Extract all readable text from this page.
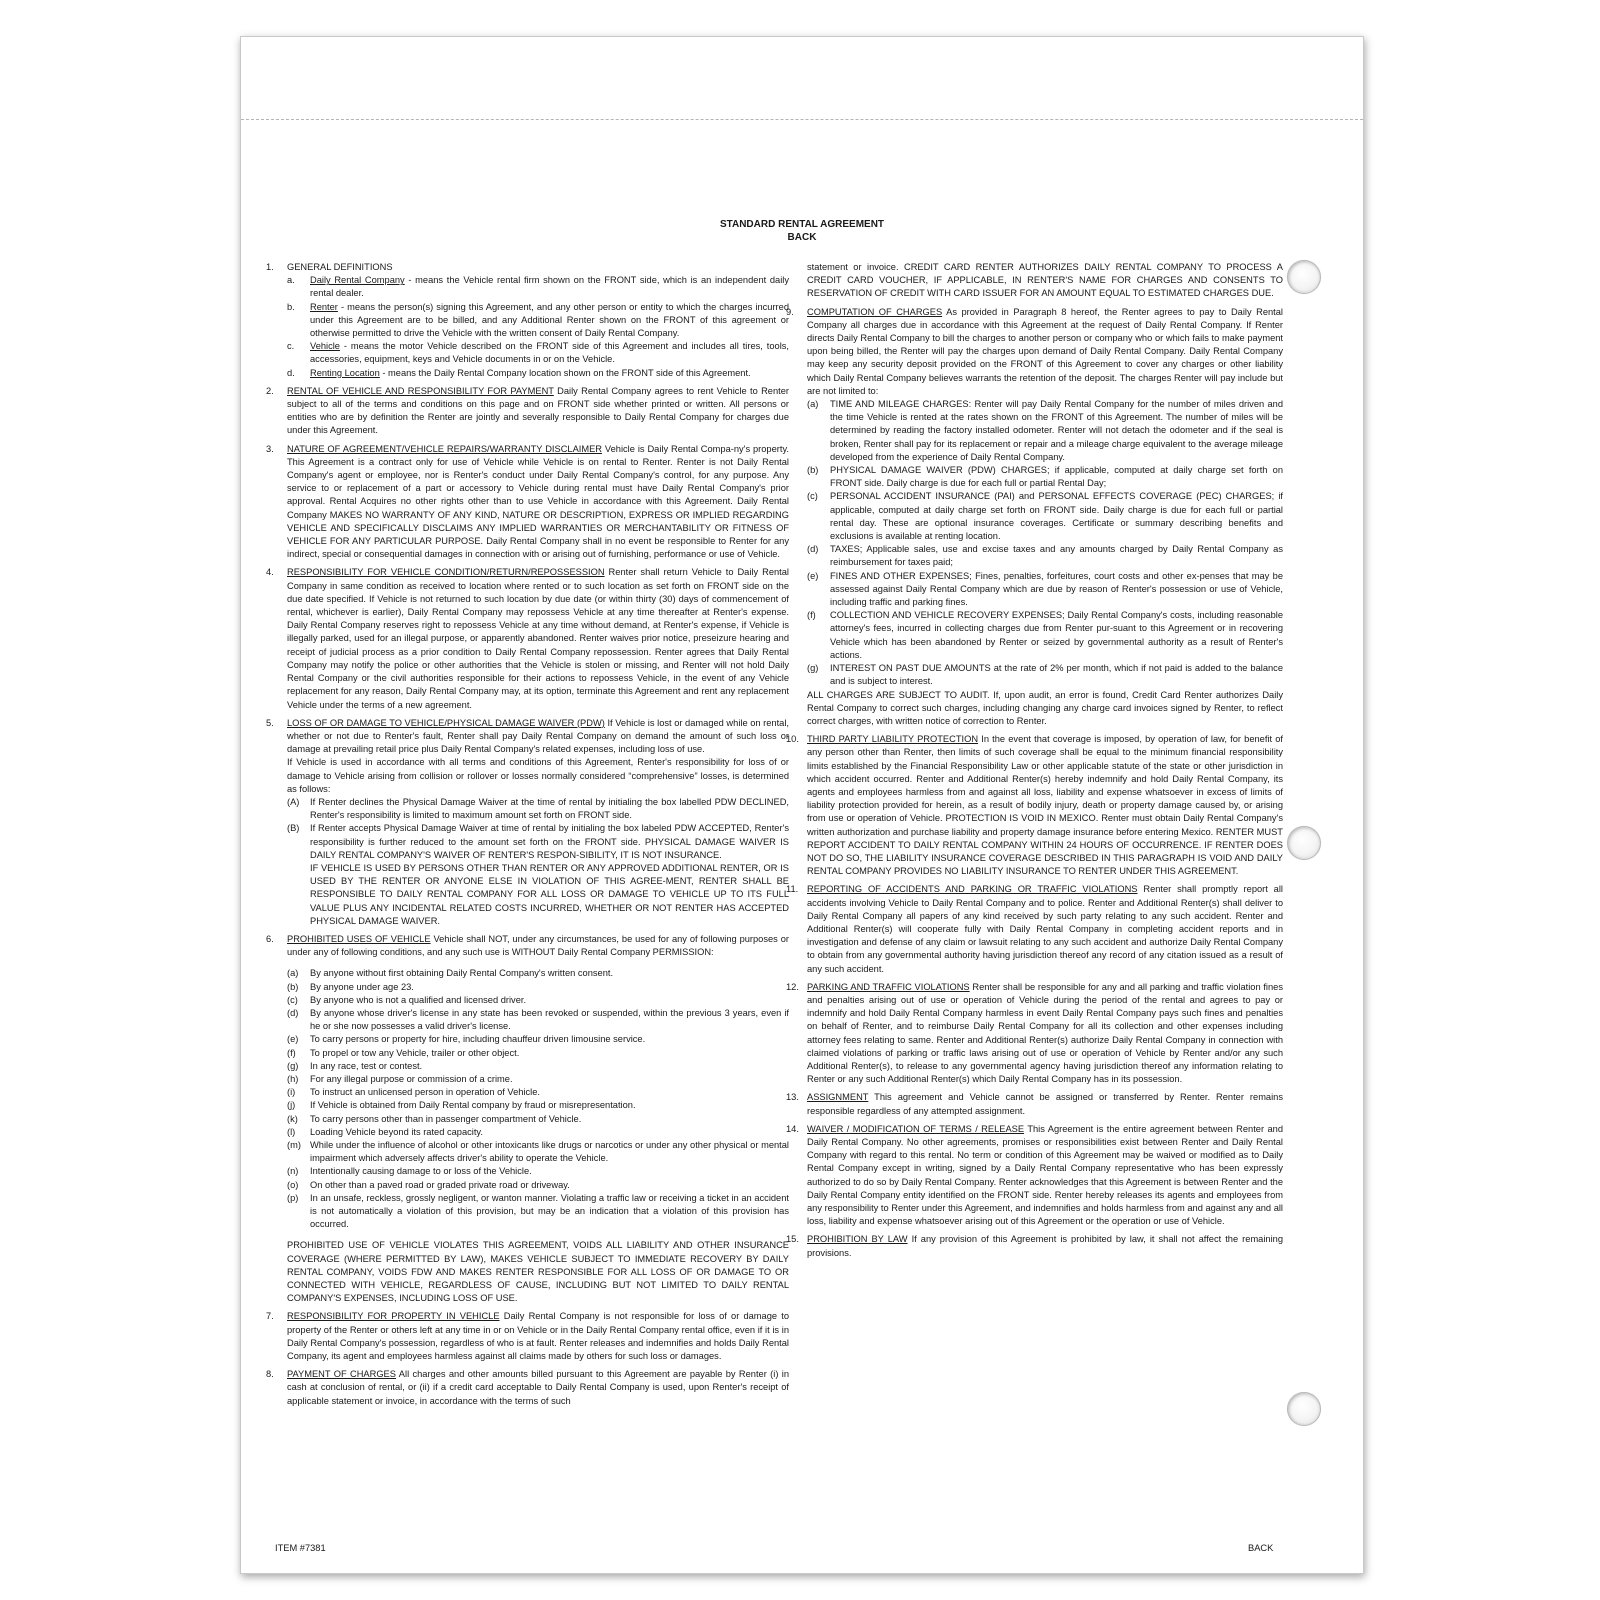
STANDARD RENTAL AGREEMENT
BACK
1. GENERAL DEFINITIONS
a. Daily Rental Company - means the Vehicle rental firm shown on the FRONT side, which is an independent daily rental dealer.
b. Renter - means the person(s) signing this Agreement, and any other person or entity to which the charges incurred under this Agreement are to be billed, and any Additional Renter shown on the FRONT of this agreement or otherwise permitted to drive the Vehicle with the written consent of Daily Rental Company.
c. Vehicle - means the motor Vehicle described on the FRONT side of this Agreement and includes all tires, tools, accessories, equipment, keys and Vehicle documents in or on the Vehicle.
d. Renting Location - means the Daily Rental Company location shown on the FRONT side of this Agreement.
2. RENTAL OF VEHICLE AND RESPONSIBILITY FOR PAYMENT Daily Rental Company agrees to rent Vehicle to Renter subject to all of the terms and conditions on this page and on FRONT side whether printed or written. All persons or entities who are by definition the Renter are jointly and severally responsible to Daily Rental Company for charges due under this Agreement.
3. NATURE OF AGREEMENT/VEHICLE REPAIRS/WARRANTY DISCLAIMER Vehicle is Daily Rental Compa-ny's property. This Agreement is a contract only for use of Vehicle while Vehicle is on rental to Renter. Renter is not Daily Rental Company's agent or employee, nor is Renter's conduct under Daily Rental Company's control, for any purpose. Any service to or replacement of a part or accessory to Vehicle during rental must have Daily Rental Company's prior approval. Rental Acquires no other rights other than to use Vehicle in accordance with this Agreement. Daily Rental Company MAKES NO WARRANTY OF ANY KIND, NATURE OR DESCRIPTION, EXPRESS OR IMPLIED REGARDING VEHICLE AND SPECIFICALLY DISCLAIMS ANY IMPLIED WARRANTIES OR MERCHANTABILITY OR FITNESS OF VEHICLE FOR ANY PARTICULAR PURPOSE. Daily Rental Company shall in no event be responsible to Renter for any indirect, special or consequential damages in connection with or arising out of furnishing, performance or use of Vehicle.
4. RESPONSIBILITY FOR VEHICLE CONDITION/RETURN/REPOSSESSION Renter shall return Vehicle to Daily Rental Company in same condition as received to location where rented or to such location as set forth on FRONT side on the due date specified. If Vehicle is not returned to such location by due date (or within thirty (30) days of commencement of rental, whichever is earlier), Daily Rental Company may repossess Vehicle at any time thereafter at Renter's expense. Daily Rental Company reserves right to repossess Vehicle at any time without demand, at Renter's expense, if Vehicle is illegally parked, used for an illegal purpose, or apparently abandoned. Renter waives prior notice, preseizure hearing and receipt of judicial process as a prior condition to Daily Rental Company repossession. Renter agrees that Daily Rental Company may notify the police or other authorities that the Vehicle is stolen or missing, and Renter will not hold Daily Rental Company or the civil authorities responsible for their actions to repossess Vehicle, in the event of any Vehicle replacement for any reason, Daily Rental Company may, at its option, terminate this Agreement and rent any replacement Vehicle under the terms of a new agreement.
5. LOSS OF OR DAMAGE TO VEHICLE/PHYSICAL DAMAGE WAIVER (PDW) If Vehicle is lost or damaged while on rental, whether or not due to Renter's fault, Renter shall pay Daily Rental Company on demand the amount of such loss or damage at prevailing retail price plus Daily Rental Company's related expenses, including loss of use.
If Vehicle is used in accordance with all terms and conditions of this Agreement, Renter's responsibility for loss of or damage to Vehicle arising from collision or rollover or losses normally considered “comprehensive” losses, is determined as follows:
(A) If Renter declines the Physical Damage Waiver at the time of rental by initialing the box labelled PDW DECLINED, Renter's responsibility is limited to maximum amount set forth on FRONT side.
(B) If Renter accepts Physical Damage Waiver at time of rental by initialing the box labeled PDW ACCEPTED, Renter's responsibility is further reduced to the amount set forth on the FRONT side. PHYSICAL DAMAGE WAIVER IS DAILY RENTAL COMPANY'S WAIVER OF RENTER'S RESPON-SIBILITY, IT IS NOT INSURANCE.
IF VEHICLE IS USED BY PERSONS OTHER THAN RENTER OR ANY APPROVED ADDITIONAL RENTER, OR IS USED BY THE RENTER OR ANYONE ELSE IN VIOLATION OF THIS AGREE-MENT, RENTER SHALL BE RESPONSIBLE TO DAILY RENTAL COMPANY FOR ALL LOSS OR DAMAGE TO VEHICLE UP TO ITS FULL VALUE PLUS ANY INCIDENTAL RELATED COSTS INCURRED, WHETHER OR NOT RENTER HAS ACCEPTED PHYSICAL DAMAGE WAIVER.
6. PROHIBITED USES OF VEHICLE Vehicle shall NOT, under any circumstances, be used for any of following purposes or under any of following conditions, and any such use is WITHOUT Daily Rental Company PERMISSION:
(a) By anyone without first obtaining Daily Rental Company's written consent.
(b) By anyone under age 23.
(c) By anyone who is not a qualified and licensed driver.
(d) By anyone whose driver's license in any state has been revoked or suspended, within the previous 3 years, even if he or she now possesses a valid driver's license.
(e) To carry persons or property for hire, including chauffeur driven limousine service.
(f) To propel or tow any Vehicle, trailer or other object.
(g) In any race, test or contest.
(h) For any illegal purpose or commission of a crime.
(i) To instruct an unlicensed person in operation of Vehicle.
(j) If Vehicle is obtained from Daily Rental company by fraud or misrepresentation.
(k) To carry persons other than in passenger compartment of Vehicle.
(l) Loading Vehicle beyond its rated capacity.
(m) While under the influence of alcohol or other intoxicants like drugs or narcotics or under any other physical or mental impairment which adversely affects driver's ability to operate the Vehicle.
(n) Intentionally causing damage to or loss of the Vehicle.
(o) On other than a paved road or graded private road or driveway.
(p) In an unsafe, reckless, grossly negligent, or wanton manner. Violating a traffic law or receiving a ticket in an accident is not automatically a violation of this provision, but may be an indication that a violation of this provision has occurred.
PROHIBITED USE OF VEHICLE VIOLATES THIS AGREEMENT, VOIDS ALL LIABILITY AND OTHER INSURANCE COVERAGE (WHERE PERMITTED BY LAW), MAKES VEHICLE SUBJECT TO IMMEDIATE RECOVERY BY DAILY RENTAL COMPANY, VOIDS FDW AND MAKES RENTER RESPONSIBLE FOR ALL LOSS OF OR DAMAGE TO OR CONNECTED WITH VEHICLE, REGARDLESS OF CAUSE, INCLUDING BUT NOT LIMITED TO DAILY RENTAL COMPANY'S EXPENSES, INCLUDING LOSS OF USE.
7. RESPONSIBILITY FOR PROPERTY IN VEHICLE Daily Rental Company is not responsible for loss of or damage to property of the Renter or others left at any time in or on Vehicle or in the Daily Rental Company rental office, even if it is in Daily Rental Company's possession, regardless of who is at fault. Renter releases and indemnifies and holds Daily Rental Company, its agent and employees harmless against all claims made by others for such loss or damages.
8. PAYMENT OF CHARGES All charges and other amounts billed pursuant to this Agreement are payable by Renter (i) in cash at conclusion of rental, or (ii) if a credit card acceptable to Daily Rental Company is used, upon Renter's receipt of applicable statement or invoice, in accordance with the terms of such
statement or invoice. CREDIT CARD RENTER AUTHORIZES DAILY RENTAL COMPANY TO PROCESS A CREDIT CARD VOUCHER, IF APPLICABLE, IN RENTER'S NAME FOR CHARGES AND CONSENTS TO RESERVATION OF CREDIT WITH CARD ISSUER FOR AN AMOUNT EQUAL TO ESTIMATED CHARGES DUE.
9. COMPUTATION OF CHARGES As provided in Paragraph 8 hereof, the Renter agrees to pay to Daily Rental Company all charges due in accordance with this Agreement at the request of Daily Rental Company. If Renter directs Daily Rental Company to bill the charges to another person or company who or which fails to make payment upon being billed, the Renter will pay the charges upon demand of Daily Rental Company. Daily Rental Company may keep any security deposit provided on the FRONT of this Agreement to cover any charges or other liability which Daily Rental Company believes warrants the retention of the deposit. The charges Renter will pay include but are not limited to:
(a) TIME AND MILEAGE CHARGES: Renter will pay Daily Rental Company for the number of miles driven and the time Vehicle is rented at the rates shown on the FRONT of this Agreement. The number of miles will be determined by reading the factory installed odometer. Renter will not detach the odometer and if the seal is broken, Renter shall pay for its replacement or repair and a mileage charge equivalent to the average mileage developed from the experience of Daily Rental Company.
(b) PHYSICAL DAMAGE WAIVER (PDW) CHARGES; if applicable, computed at daily charge set forth on FRONT side. Daily charge is due for each full or partial Rental Day;
(c) PERSONAL ACCIDENT INSURANCE (PAI) and PERSONAL EFFECTS COVERAGE (PEC) CHARGES; if applicable, computed at daily charge set forth on FRONT side. Daily charge is due for each full or partial rental day. These are optional insurance coverages. Certificate or summary describing benefits and exclusions is available at renting location.
(d) TAXES; Applicable sales, use and excise taxes and any amounts charged by Daily Rental Company as reimbursement for taxes paid;
(e) FINES AND OTHER EXPENSES; Fines, penalties, forfeitures, court costs and other ex-penses that may be assessed against Daily Rental Company which are due by reason of Renter's possession or use of Vehicle, including traffic and parking fines.
(f) COLLECTION AND VEHICLE RECOVERY EXPENSES; Daily Rental Company's costs, including reasonable attorney's fees, incurred in collecting charges due from Renter pur-suant to this Agreement or in recovering Vehicle which has been abandoned by Renter or seized by governmental authority as a result of Renter's actions.
(g) INTEREST ON PAST DUE AMOUNTS at the rate of 2% per month, which if not paid is added to the balance and is subject to interest.
ALL CHARGES ARE SUBJECT TO AUDIT. If, upon audit, an error is found, Credit Card Renter authorizes Daily Rental Company to correct such charges, including changing any charge card invoices signed by Renter, to reflect correct charges, with written notice of correction to Renter.
10. THIRD PARTY LIABILITY PROTECTION In the event that coverage is imposed, by operation of law, for benefit of any person other than Renter, then limits of such coverage shall be equal to the minimum financial responsibility limits established by the Financial Responsibility Law or other applicable statute of the state or other jurisdiction in which accident occurred. Renter and Additional Renter(s) hereby indemnify and hold Daily Rental Company, its agents and employees harmless from and against all loss, liability and expense whatsoever in excess of limits of liability protection provided for herein, as a result of bodily injury, death or property damage caused by, or arising from use or operation of Vehicle. PROTECTION IS VOID IN MEXICO. Renter must obtain Daily Rental Company's written authorization and purchase liability and property damage insurance before entering Mexico. RENTER MUST REPORT ACCIDENT TO DAILY RENTAL COMPANY WITHIN 24 HOURS OF OCCURRENCE. IF RENTER DOES NOT DO SO, THE LIABILITY INSURANCE COVERAGE DESCRIBED IN THIS PARAGRAPH IS VOID AND DAILY RENTAL COMPANY PROVIDES NO LIABILITY INSURANCE TO RENTER UNDER THIS AGREEMENT.
11. REPORTING OF ACCIDENTS AND PARKING OR TRAFFIC VIOLATIONS Renter shall promptly report all accidents involving Vehicle to Daily Rental Company and to police. Renter and Additional Renter(s) shall deliver to Daily Rental Company all papers of any kind received by such party relating to any such accident. Renter and Additional Renter(s) will cooperate fully with Daily Rental Company in completing accident reports and in investigation and defense of any claim or lawsuit relating to any such accident and authorize Daily Rental Company to obtain from any governmental authority having jurisdiction thereof any record of any citation issued as a result of any such accident.
12. PARKING AND TRAFFIC VIOLATIONS Renter shall be responsible for any and all parking and traffic violation fines and penalties arising out of use or operation of Vehicle during the period of the rental and agrees to pay or indemnify and hold Daily Rental Company harmless in event Daily Rental Company pays such fines and penalties on behalf of Renter, and to reimburse Daily Rental Company for all its collection and other expenses including attorney fees relating to same. Renter and Additional Renter(s) authorize Daily Rental Company in connection with claimed violations of parking or traffic laws arising out of use or operation of Vehicle by Renter and/or any such Additional Renter(s), to release to any governmental agency having jurisdiction thereof any information relating to Renter or any such Additional Renter(s) which Daily Rental Company has in its possession.
13. ASSIGNMENT This agreement and Vehicle cannot be assigned or transferred by Renter. Renter remains responsible regardless of any attempted assignment.
14. WAIVER / MODIFICATION OF TERMS / RELEASE This Agreement is the entire agreement between Renter and Daily Rental Company. No other agreements, promises or responsibilities exist between Renter and Daily Rental Company with regard to this rental. No term or condition of this Agreement may be waived or modified as to Daily Rental Company except in writing, signed by a Daily Rental Company representative who has been expressly authorized to do so by Daily Rental Company. Renter acknowledges that this Agreement is between Renter and the Daily Rental Company entity identified on the FRONT side. Renter hereby releases its agents and employees from any responsibility to Renter under this Agreement, and indemnifies and holds harmless from and against any and all loss, liability and expense whatsoever arising out of this Agreement or the operation or use of Vehicle.
15. PROHIBITION BY LAW If any provision of this Agreement is prohibited by law, it shall not affect the remaining provisions.
ITEM #7381	BACK
